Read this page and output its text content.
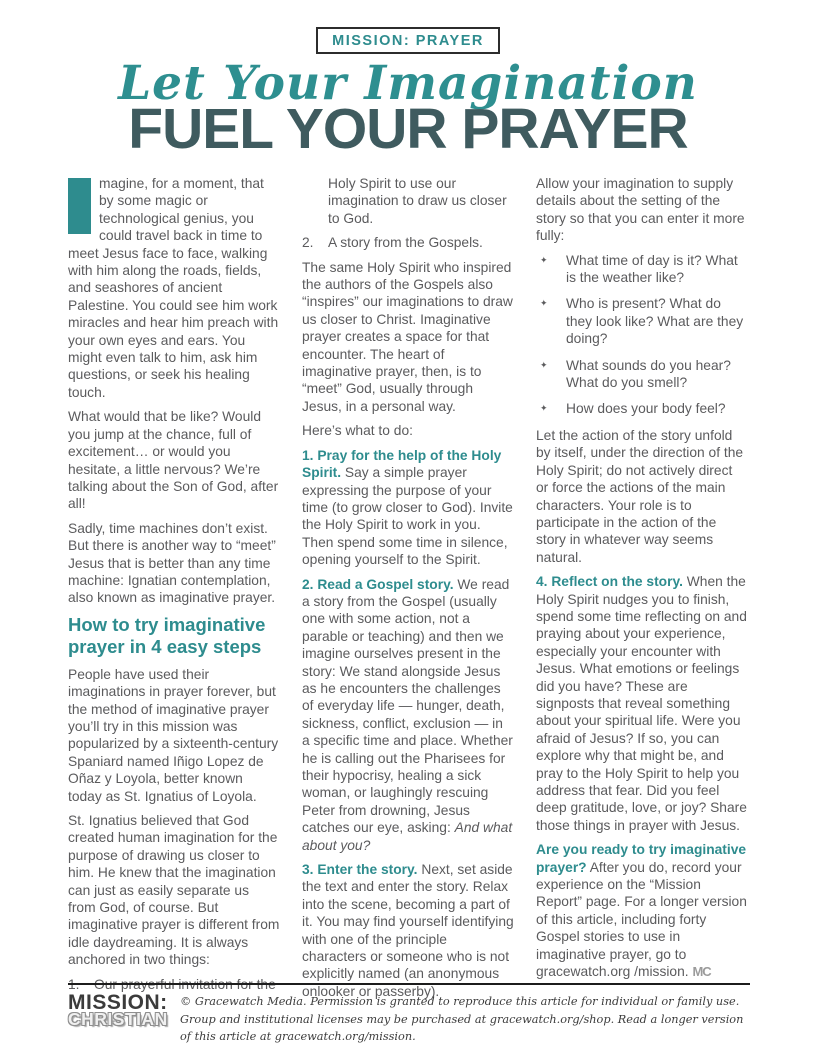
MISSION: PRAYER
Let Your Imagination
FUEL YOUR PRAYER

I magine, for a moment, that by some magic or technological genius, you could travel back in time to meet Jesus face to face, walking with him along the roads, fields, and seashores of ancient Palestine. You could see him work miracles and hear him preach with your own eyes and ears. You might even talk to him, ask him questions, or seek his healing touch.

What would that be like? Would you jump at the chance, full of excitement… or would you hesitate, a little nervous? We’re talking about the Son of God, after all!

Sadly, time machines don’t exist. But there is another way to “meet” Jesus that is better than any time machine: Ignatian contemplation, also known as imaginative prayer.

How to try imaginative prayer in 4 easy steps

People have used their imaginations in prayer forever, but the method of imaginative prayer you’ll try in this mission was popularized by a sixteenth-century Spaniard named Iñigo Lopez de Oñaz y Loyola, better known today as St. Ignatius of Loyola.

St. Ignatius believed that God created human imagination for the purpose of drawing us closer to him. He knew that the imagination can just as easily separate us from God, of course. But imaginative prayer is different from idle daydreaming. It is always anchored in two things:

1.	Our prayerful invitation for the

Holy Spirit to use our imagination to draw us closer to God.

2.	A story from the Gospels.

The same Holy Spirit who inspired the authors of the Gospels also “inspires” our imaginations to draw us closer to Christ. Imaginative prayer creates a space for that encounter. The heart of imaginative prayer, then, is to “meet” God, usually through Jesus, in a personal way.

Here’s what to do:

1. Pray for the help of the Holy Spirit. Say a simple prayer expressing the purpose of your time (to grow closer to God). Invite the Holy Spirit to work in you. Then spend some time in silence, opening yourself to the Spirit.

2. Read a Gospel story. We read a story from the Gospel (usually one with some action, not a parable or teaching) and then we imagine ourselves present in the story: We stand alongside Jesus as he encounters the challenges of everyday life — hunger, death, sickness, conflict, exclusion — in a specific time and place. Whether he is calling out the Pharisees for their hypocrisy, healing a sick woman, or laughingly rescuing Peter from drowning, Jesus catches our eye, asking: And what about you?

3. Enter the story. Next, set aside the text and enter the story. Relax into the scene, becoming a part of it. You may find yourself identifying with one of the principle characters or someone who is not explicitly named (an anonymous onlooker or passerby).

Allow your imagination to supply details about the setting of the story so that you can enter it more fully:

✦	What time of day is it? What is the weather like?
✦	Who is present? What do they look like? What are they doing?
✦	What sounds do you hear? What do you smell?
✦	How does your body feel?

Let the action of the story unfold by itself, under the direction of the Holy Spirit; do not actively direct or force the actions of the main characters. Your role is to participate in the action of the story in whatever way seems natural.

4. Reflect on the story. When the Holy Spirit nudges you to finish, spend some time reflecting on and praying about your experience, especially your encounter with Jesus. What emotions or feelings did you have? These are signposts that reveal something about your spiritual life. Were you afraid of Jesus? If so, you can explore why that might be, and pray to the Holy Spirit to help you address that fear. Did you feel deep gratitude, love, or joy? Share those things in prayer with Jesus.

Are you ready to try imaginative prayer? After you do, record your experience on the “Mission Report” page. For a longer version of this article, including forty Gospel stories to use in imaginative prayer, go to gracewatch.org /mission. MC

MISSION:
CHRISTIAN
© Gracewatch Media. Permission is granted to reproduce this article for individual or family use. Group and institutional licenses may be purchased at gracewatch.org/shop. Read a longer version of this article at gracewatch.org/mission.
